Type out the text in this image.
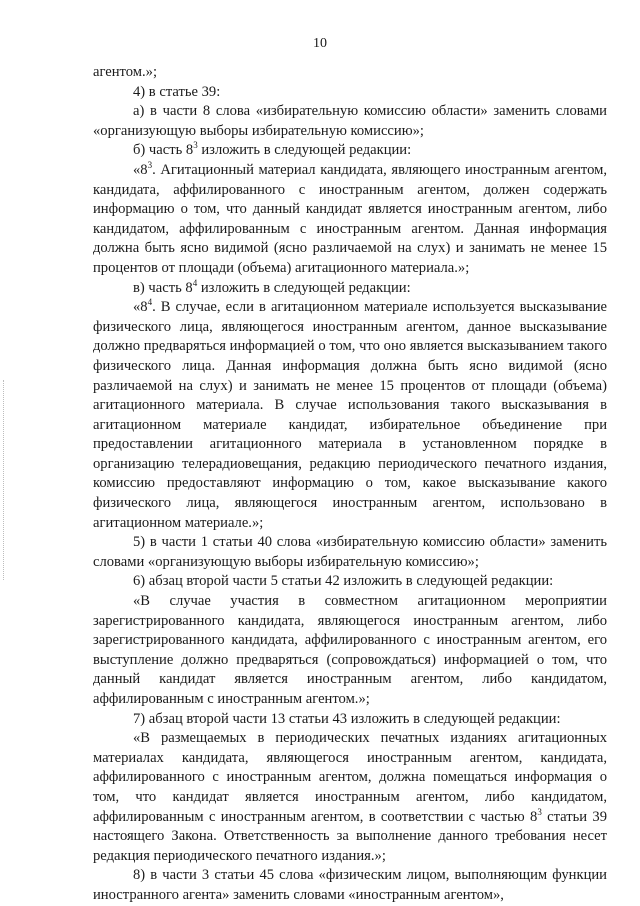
10

агентом.»;

4) в статье 39:

а) в части 8 слова «избирательную комиссию области» заменить словами «организующую выборы избирательную комиссию»;

б) часть $8^3$ изложить в следующей редакции:

«$8^3$. Агитационный материал кандидата, являющего иностранным агентом, кандидата, аффилированного с иностранным агентом, должен содержать информацию о том, что данный кандидат является иностранным агентом, либо кандидатом, аффилированным с иностранным агентом. Данная информация должна быть ясно видимой (ясно различаемой на слух) и занимать не менее 15 процентов от площади (объема) агитационного материала.»;

в) часть $8^4$ изложить в следующей редакции:

«$8^4$. В случае, если в агитационном материале используется высказывание физического лица, являющегося иностранным агентом, данное высказывание должно предваряться информацией о том, что оно является высказыванием такого физического лица. Данная информация должна быть ясно видимой (ясно различаемой на слух) и занимать не менее 15 процентов от площади (объема) агитационного материала. В случае использования такого высказывания в агитационном материале кандидат, избирательное объединение при предоставлении агитационного материала в установленном порядке в организацию телерадиовещания, редакцию периодического печатного издания, комиссию предоставляют информацию о том, какое высказывание какого физического лица, являющегося иностранным агентом, использовано в агитационном материале.»;

5) в части 1 статьи 40 слова «избирательную комиссию области» заменить словами «организующую выборы избирательную комиссию»;

6) абзац второй части 5 статьи 42 изложить в следующей редакции:

«В случае участия в совместном агитационном мероприятии зарегистрированного кандидата, являющегося иностранным агентом, либо зарегистрированного кандидата, аффилированного с иностранным агентом, его выступление должно предваряться (сопровождаться) информацией о том, что данный кандидат является иностранным агентом, либо кандидатом, аффилированным с иностранным агентом.»;

7) абзац второй части 13 статьи 43 изложить в следующей редакции:

«В размещаемых в периодических печатных изданиях агитационных материалах кандидата, являющегося иностранным агентом, кандидата, аффилированного с иностранным агентом, должна помещаться информация о том, что кандидат является иностранным агентом, либо кандидатом, аффилированным с иностранным агентом, в соответствии с частью $8^3$ статьи 39 настоящего Закона. Ответственность за выполнение данного требования несет редакция периодического печатного издания.»;

8) в части 3 статьи 45 слова «физическим лицом, выполняющим функции иностранного агента» заменить словами «иностранным агентом»,
